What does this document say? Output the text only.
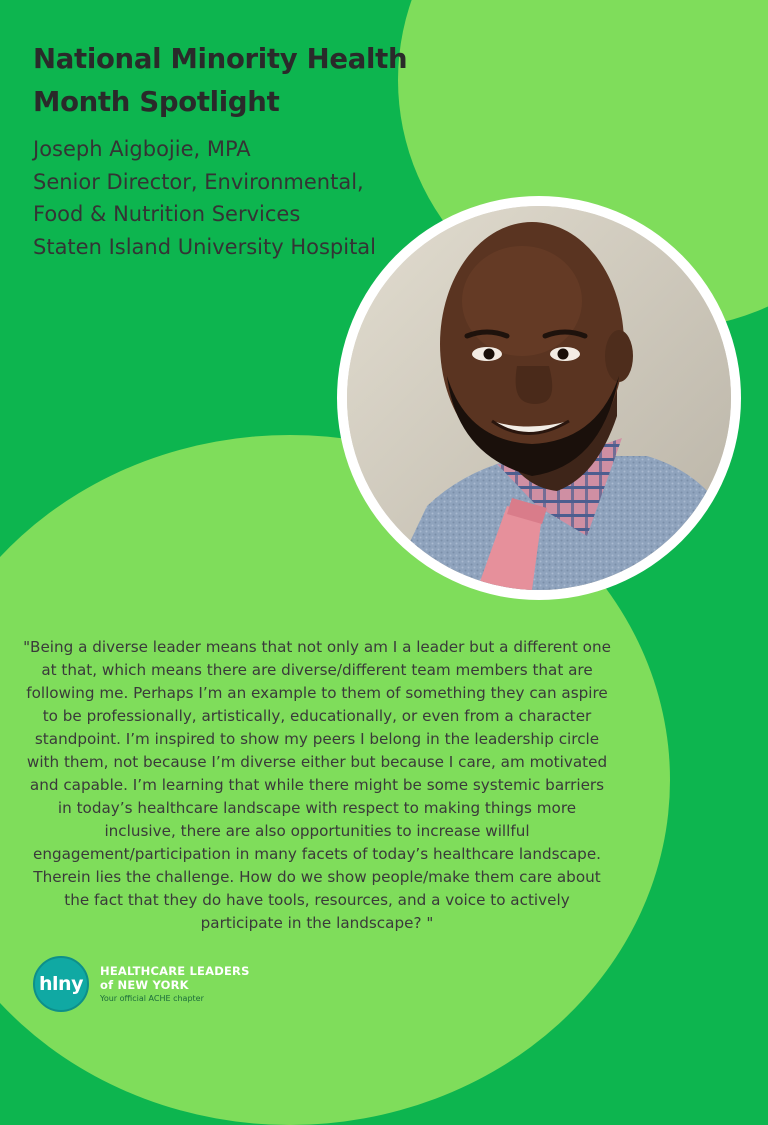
National Minority Health
Month Spotlight
Joseph Aigbojie, MPA
Senior Director, Environmental,
Food & Nutrition Services
Staten Island University Hospital

"Being a diverse leader means that not only am I a leader but a different one at that, which means there are diverse/different team members that are following me. Perhaps I’m an example to them of something they can aspire to be professionally, artistically, educationally, or even from a character standpoint. I’m inspired to show my peers I belong in the leadership circle with them, not because I’m diverse either but because I care, am motivated and capable. I’m learning that while there might be some systemic barriers in today’s healthcare landscape with respect to making things more inclusive, there are also opportunities to increase willful engagement/participation in many facets of today’s healthcare landscape. Therein lies the challenge. How do we show people/make them care about the fact that they do have tools, resources, and a voice to actively participate in the landscape? "

hlny
HEALTHCARE LEADERS
of NEW YORK
Your official ACHE chapter
